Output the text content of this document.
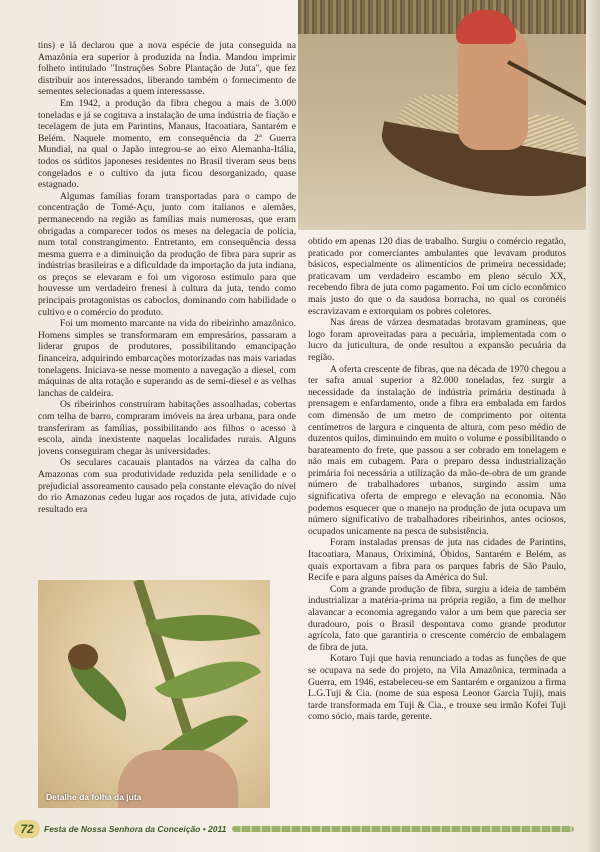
tins) e lá declarou que a nova espécie de juta conseguida na Amazônia era superior à produzida na Índia. Mandou imprimir folheto intitulado "Instruções Sobre Plantação de Juta", que fez distribuir aos interessados, liberando também o fornecimento de sementes selecionadas a quem interessasse.

Em 1942, a produção da fibra chegou a mais de 3.000 toneladas e já se cogitava a instalação de uma indústria de fiação e tecelagem de juta em Parintins, Manaus, Itacoatiara, Santarém e Belém. Naquele momento, em consequência da 2ª Guerra Mundial, na qual o Japão integrou-se ao eixo Alemanha-Itália, todos os súditos japoneses residentes no Brasil tiveram seus bens congelados e o cultivo da juta ficou desorganizado, quase estagnado.

Algumas famílias foram transportadas para o campo de concentração de Tomé-Açu, junto com italianos e alemães, permanecendo na região as famílias mais numerosas, que eram obrigadas a comparecer todos os meses na delegacia de polícia, num total constrangimento. Entretanto, em consequência dessa mesma guerra e a diminuição da produção de fibra para suprir as indústrias brasileiras e a dificuldade da importação da juta indiana, os preços se elevaram e foi um vigoroso estímulo para que houvesse um verdadeiro frenesi à cultura da juta, tendo como principais protagonistas os caboclos, dominando com habilidade o cultivo e o comércio do produto.

Foi um momento marcante na vida do ribeirinho amazônico. Homens simples se transformaram em empresários, passaram a liderar grupos de produtores, possibilitando emancipação financeira, adquirindo embarcações motorizadas nas mais variadas tonelagens. Iniciava-se nesse momento a navegação a diesel, com máquinas de alta rotação e superando as de semi-diesel e as velhas lanchas de caldeira.

Os ribeirinhos construíram habitações assoalhadas, cobertas com telha de barro, compraram imóveis na área urbana, para onde transferiram as famílias, possibilitando aos filhos o acesso à escola, ainda inexistente naquelas localidades rurais. Alguns jovens conseguiram chegar às universidades.

Os seculares cacauais plantados na várzea da calha do Amazonas com sua produtividade reduzida pela senilidade e o prejudicial assoreamento causado pela constante elevação do nível do rio Amazonas cedeu lugar aos roçados de juta, atividade cujo resultado era

Detalhe da folha da juta

obtido em apenas 120 dias de trabalho. Surgiu o comércio regatão, praticado por comerciantes ambulantes que levavam produtos básicos, especialmente os alimentícios de primeira necessidade; praticavam um verdadeiro escambo em pleno século XX, recebendo fibra de juta como pagamento. Foi um ciclo econômico mais justo do que o da saudosa borracha, no qual os coronéis escravizavam e extorquiam os pobres coletores.

Nas áreas de várzea desmatadas brotavam gramíneas, que logo foram aproveitadas para a pecuária, implementada com o lucro da juticultura, de onde resultou a expansão pecuária da região.

A oferta crescente de fibras, que na década de 1970 chegou a ter safra anual superior a 82.000 toneladas, fez surgir a necessidade da instalação de indústria primária destinada à prensagem e enfardamento, onde a fibra era embalada em fardos com dimensão de um metro de comprimento por oitenta centímetros de largura e cinquenta de altura, com peso médio de duzentos quilos, diminuindo em muito o volume e possibilitando o barateamento do frete, que passou a ser cobrado em tonelagem e não mais em cubagem. Para o preparo dessa industrialização primária foi necessária a utilização da mão-de-obra de um grande número de trabalhadores urbanos, surgindo assim uma significativa oferta de emprego e elevação na economia. Não podemos esquecer que o manejo na produção de juta ocupava um número significativo de trabalhadores ribeirinhos, antes ociosos, ocupados unicamente na pesca de subsistência.

Foram instaladas prensas de juta nas cidades de Parintins, Itacoatiara, Manaus, Oriximiná, Óbidos, Santarém e Belém, as quais exportavam a fibra para os parques fabris de São Paulo, Recife e para alguns países da América do Sul.

Com a grande produção de fibra, surgiu a ideia de também industrializar a matéria-prima na própria região, a fim de melhor alavancar a economia agregando valor a um bem que parecia ser duradouro, pois o Brasil despontava como grande produtor agrícola, fato que garantiria o crescente comércio de embalagem de fibra de juta.

Kotaro Tuji que havia renunciado a todas as funções de que se ocupava na sede do projeto, na Vila Amazônica, terminada a Guerra, em 1946, estabeleceu-se em Santarém e organizou a firma L.G.Tuji & Cia. (nome de sua esposa Leonor Garcia Tuji), mais tarde transformada em Tuji & Cia., e trouxe seu irmão Kofei Tuji como sócio, mais tarde, gerente.

72	Festa de Nossa Senhora da Conceição • 2011
